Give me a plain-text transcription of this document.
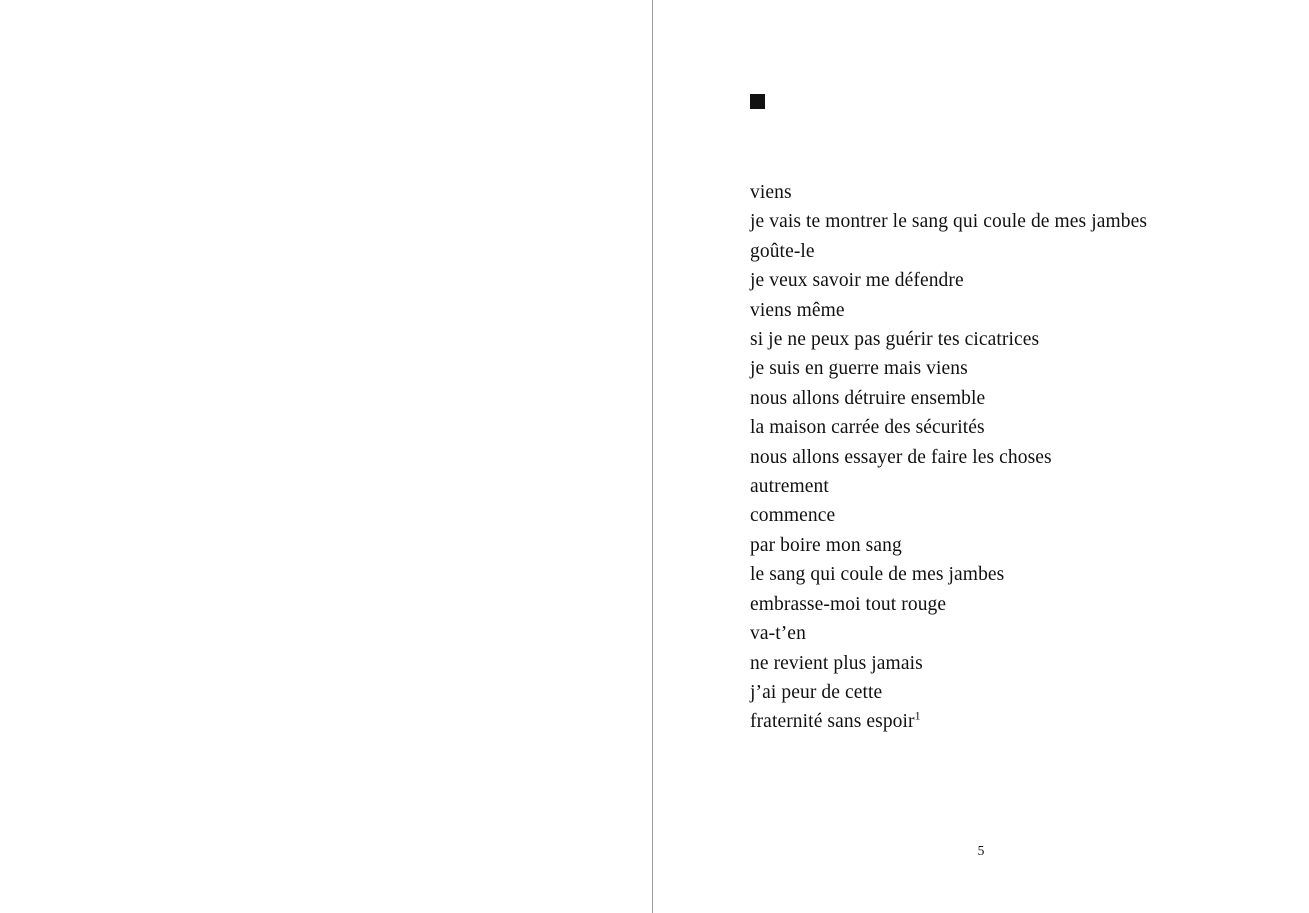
viens
je vais te montrer le sang qui coule de mes jambes
goûte-le
je veux savoir me défendre
viens même
si je ne peux pas guérir tes cicatrices
je suis en guerre mais viens
nous allons détruire ensemble
la maison carrée des sécurités
nous allons essayer de faire les choses
autrement
commence
par boire mon sang
le sang qui coule de mes jambes
embrasse-moi tout rouge
va-t’en
ne revient plus jamais
j’ai peur de cette
fraternité sans espoir$^1$
5
